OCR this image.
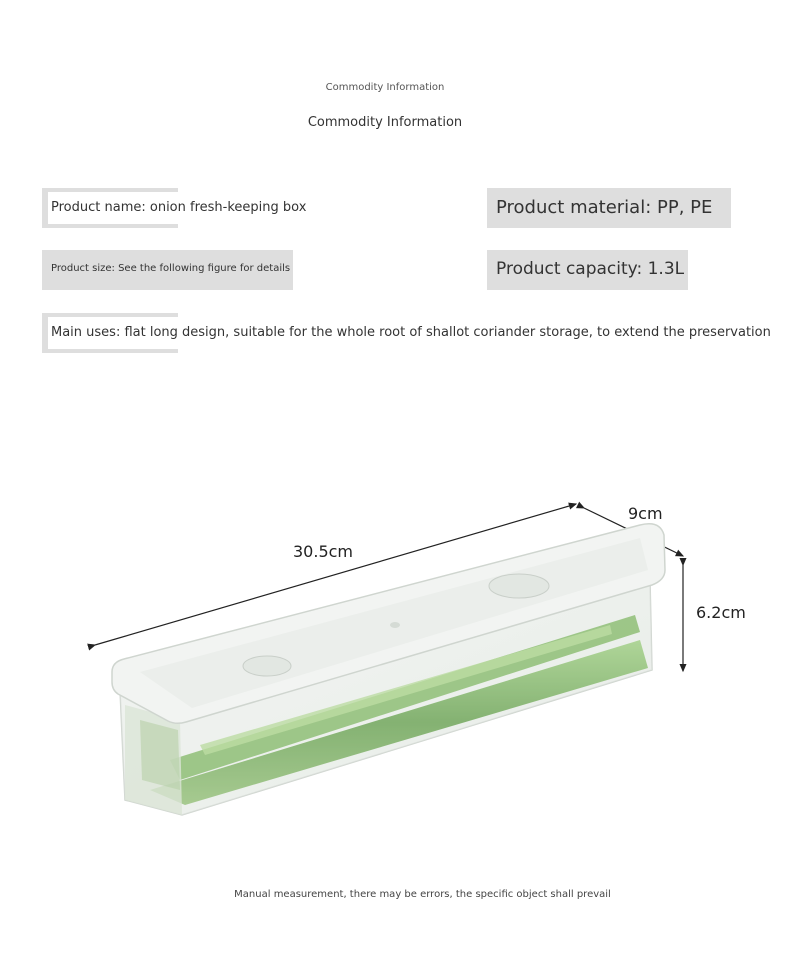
Commodity Information
Commodity Information
Product name: onion fresh-keeping box	Product material: PP, PE
Product size: See the following figure for details	Product capacity: 1.3L
Main uses: flat long design, suitable for the whole root of shallot coriander storage, to extend the preservation
30.5cm
9cm
6.2cm
Manual measurement, there may be errors, the specific object shall prevail
